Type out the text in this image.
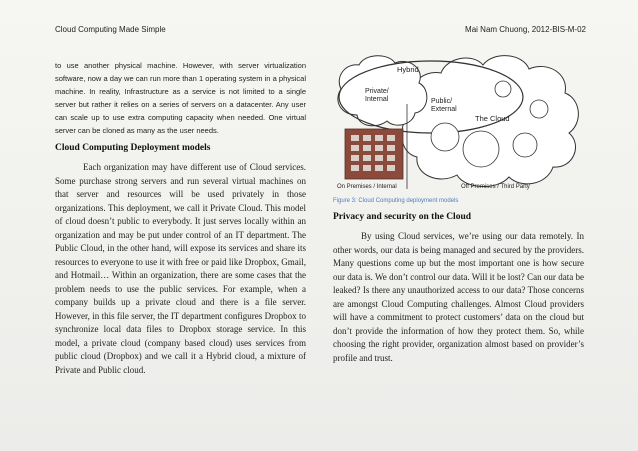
Cloud Computing Made Simple	Mai Nam Chuong, 2012-BIS-M-02

to use another physical machine. However, with server virtualization software, now a day we can run more than 1 operating system in a physical machine. In reality, Infrastructure as a service is not limited to a single server but rather it relies on a series of servers on a datacenter. Any user can scale up to use extra computing capacity when needed. One virtual server can be cloned as many as the user needs.

Cloud Computing Deployment models

Each organization may have different use of Cloud services. Some purchase strong servers and run several virtual machines on that server and resources will be used privately in those organizations. This deployment, we call it Private Cloud. This model of cloud doesn’t public to everybody. It just serves locally within an organization and may be put under control of an IT department. The Public Cloud, in the other hand, will expose its services and share its resources to everyone to use it with free or paid like Dropbox, Gmail, and Hotmail… Within an organization, there are some cases that the problem needs to use the public services. For example, when a company builds up a private cloud and there is a file server. However, in this file server, the IT department configures Dropbox to synchronize local data files to Dropbox storage service. In this model, a private cloud (company based cloud) uses services from public cloud (Dropbox) and we call it a Hybrid cloud, a mixture of Private and Public cloud.

Hybrid
Private/
Internal	Public/
External
The Cloud
On Premises / Internal	Off Premises / Third Party
Figure 3: Cloud Computing deployment models
Privacy and security on the Cloud

By using Cloud services, we’re using our data remotely. In other words, our data is being managed and secured by the providers. Many questions come up but the most important one is how secure our data is. We don’t control our data. Will it be lost? Can our data be leaked? Is there any unauthorized access to our data? Those concerns are amongst Cloud Computing challenges. Almost Cloud providers will have a commitment to protect customers’ data on the cloud but don’t provide the information of how they protect them. So, while choosing the right provider, organization almost based on provider’s profile and trust.
